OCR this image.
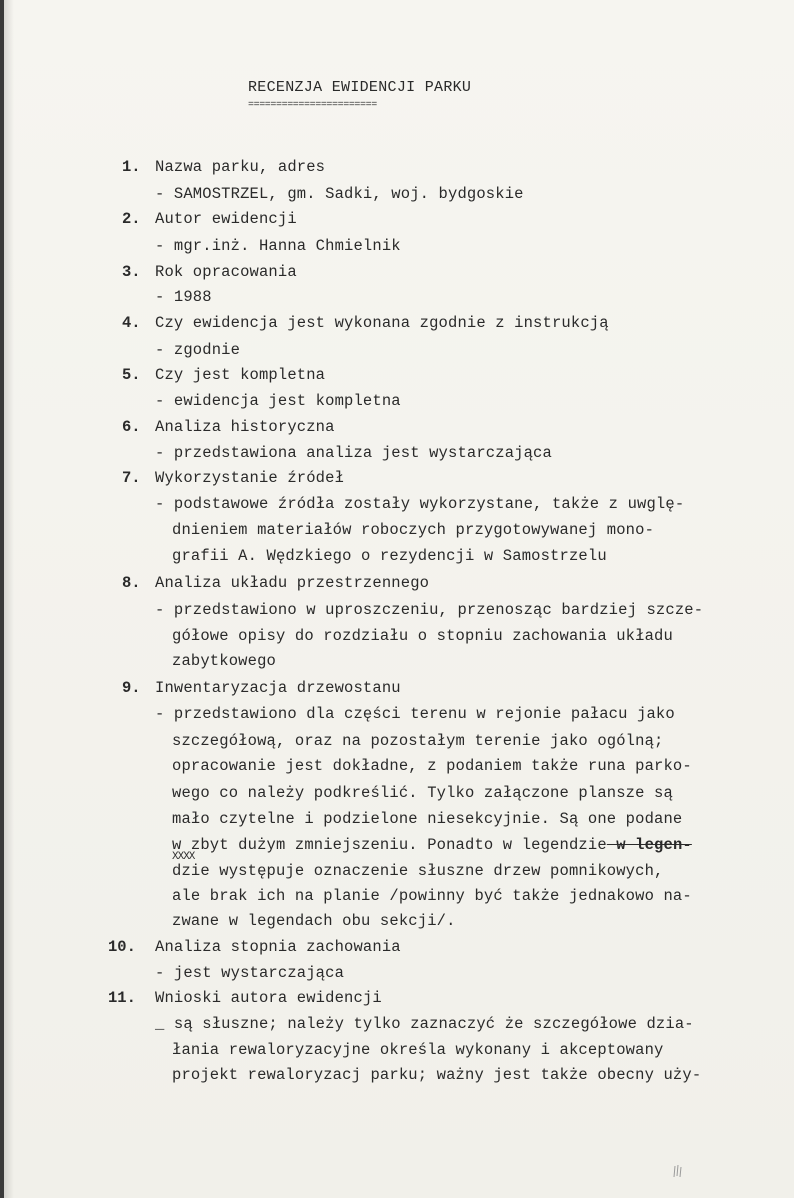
RECENZJA EWIDENCJI PARKU
=======================
1. Nazwa parku, adres
- SAMOSTRZEL, gm. Sadki, woj. bydgoskie
2. Autor ewidencji
- mgr.inż. Hanna Chmielnik
3. Rok opracowania
- 1988
4. Czy ewidencja jest wykonana zgodnie z instrukcją
- zgodnie
5. Czy jest kompletna
- ewidencja jest kompletna
6. Analiza historyczna
- przedstawiona analiza jest wystarczająca
7. Wykorzystanie źródeł
- podstawowe źródła zostały wykorzystane, także z uwglę-
dnieniem materiałów roboczych przygotowywanej mono-
grafii A. Wędzkiego o rezydencji w Samostrzelu
8. Analiza układu przestrzennego
- przedstawiono w uproszczeniu, przenosząc bardziej szcze-
gółowe opisy do rozdziału o stopniu zachowania układu
zabytkowego
9. Inwentaryzacja drzewostanu
- przedstawiono dla części terenu w rejonie pałacu jako
szczegółową, oraz na pozostałym terenie jako ogólną;
opracowanie jest dokładne, z podaniem także runa parko-
wego co należy podkreślić. Tylko załączone plansze są
mało czytelne i podzielone niesekcyjnie. Są one podane
w zbyt dużym zmniejszeniu. Ponadto w legendzie w legen-
dzie występuje oznaczenie słuszne drzew pomnikowych,
XXXX
ale brak ich na planie /powinny być także jednakowo na-
zwane w legendach obu sekcji/.
10. Analiza stopnia zachowania
- jest wystarczająca
11. Wnioski autora ewidencji
_ są słuszne; należy tylko zaznaczyć że szczegółowe dzia-
łania rewaloryzacyjne określa wykonany i akceptowany
projekt rewaloryzacj parku; ważny jest także obecny uży-
